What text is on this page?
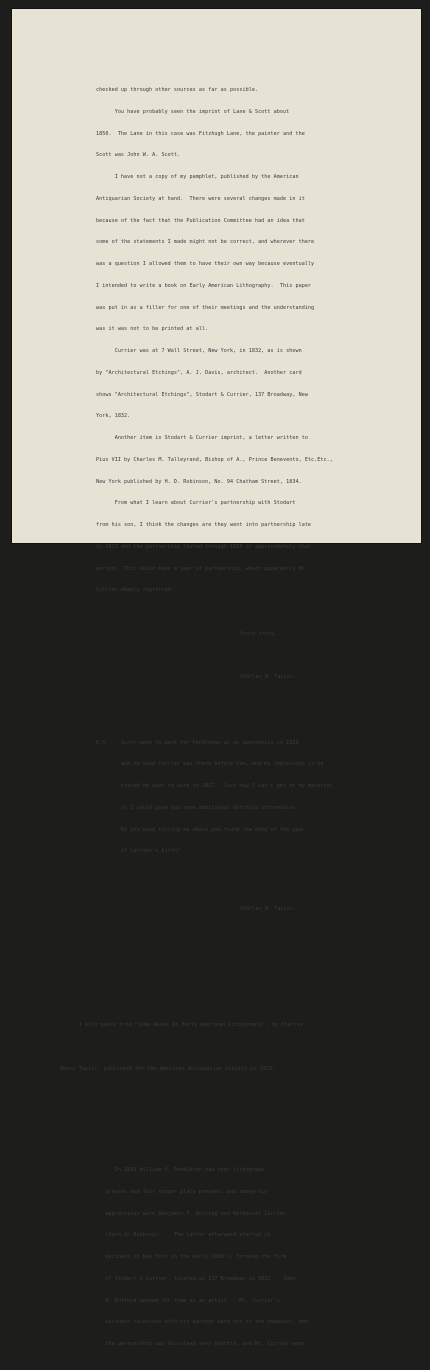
checked up through other sources as far as possible.

You have probably seen the imprint of Lane & Scott about

1850.  The Lane in this case was Fitzhugh Lane, the painter and the

Scott was John W. A. Scott.

I have not a copy of my pamphlet, published by the American

Antiquarian Society at hand.  There were several changes made in it

because of the fact that the Publication Committee had an idea that

some of the statements I made might not be correct, and wherever there

was a question I allowed them to have their own way because eventually

I intended to write a book on Early American Lithography.  This paper

was put in as a filler for one of their meetings and the understanding

was it was not to be printed at all.

Currier was at 7 Wall Street, New York, in 1832, as is shown

by "Architectural Etchings", A. J. Davis, architect.  Another card

shows "Architectural Etchings", Stodart & Currier, 137 Broadway, New

York, 1832.

Another item is Stodart & Currier imprint, a letter written to

Pius VII by Charles M. Talleyrand, Bishop of A., Prince Benevento, Etc.Etc.,

New York published by H. D. Robinson, No. 94 Chatham Street, 1834.

From what I learn about Currier's partnership with Stodart

from his son, I think the changes are they went into partnership late

in 1833 and the partnership lasted through 1833 or approximately that

period.  This would make a year of partnership, which apparently Mr.

Currier deeply regretted.

Yours truly,

Charles H. Taylor.

P.S.    Scott went to work for Pendleton as an apprentice in 1829

and he said Currier was there before him, and my impression is he

stated he went to work in 1827.  Just now I can't get at my material

or I could give you some additional definite information.

Do you mind telling me where you found the date of the year

of Currier's birth?

Charles H. Taylor.

I also quote from "Some Notes On Early American Lithography", by Charles

Henry Taylor, published for the American Antiquarian Society in 1923:

In 1831 William S. Pendleton had four lithograph

presses and four copper plate presses, and among his

apprentices were Benjamin F. Nutting and Nathaniel Currier

(born in Roxbury).    The latter afterward started in

business in New York in the early 1830's, forming the firm

of Stodart & Currier, located at 137 Broadway in 1832.   John

H. Bufford worked for them as an artist.   Mr. Currier's

business relations with his partner were not of the happiest, and

the partnership was dissolved very shortly, and Mr. Currier went
